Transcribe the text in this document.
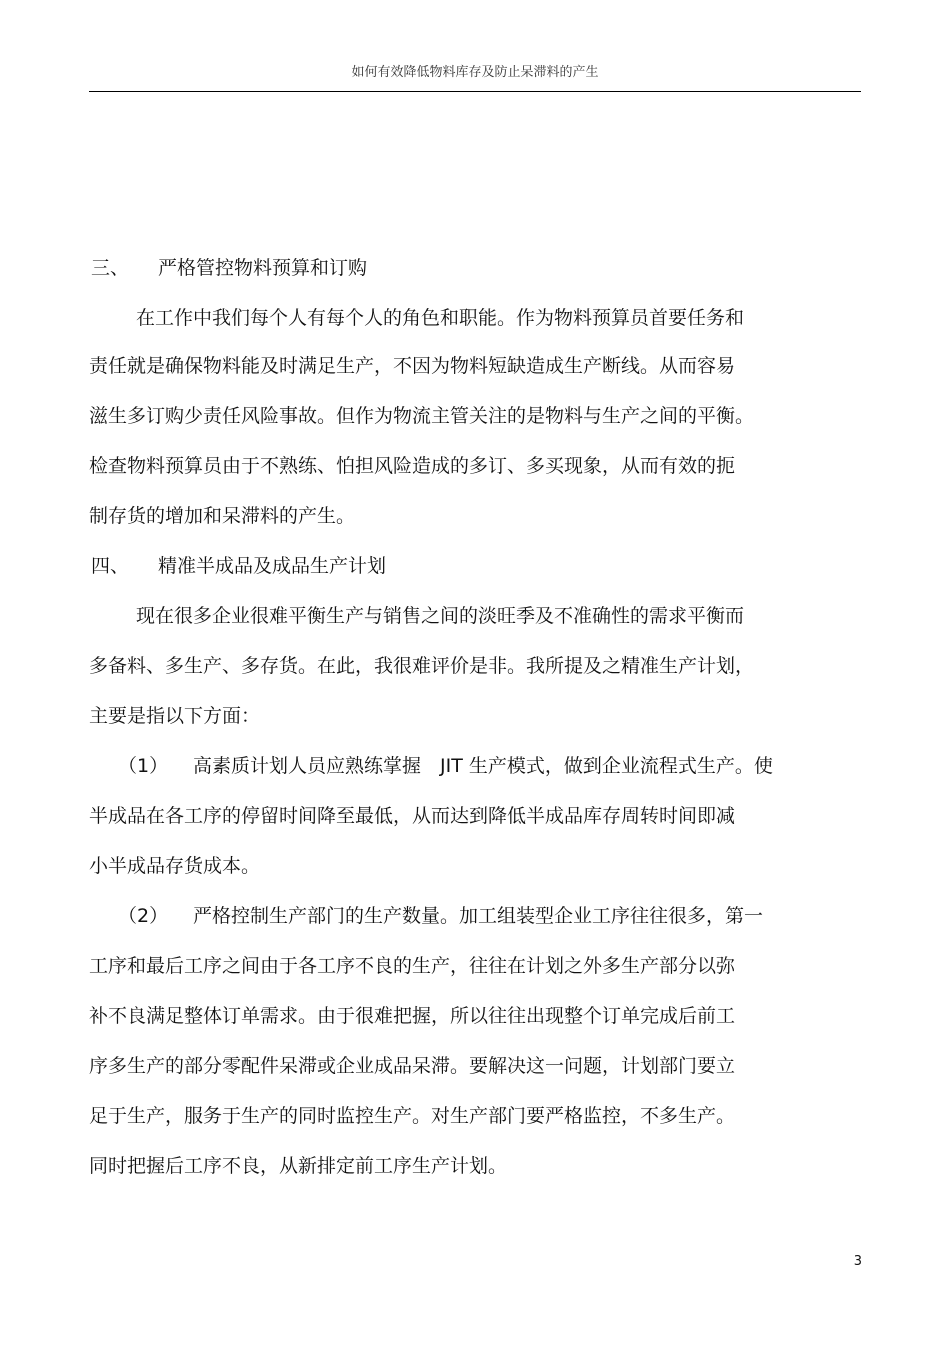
如何有效降低物料库存及防止呆滞料的产生
三、 严格管控物料预算和订购
在工作中我们每个人有每个人的角色和职能。作为物料预算员首要任务和
责任就是确保物料能及时满足生产，不因为物料短缺造成生产断线。从而容易
滋生多订购少责任风险事故。但作为物流主管关注的是物料与生产之间的平衡。
检查物料预算员由于不熟练、怕担风险造成的多订、多买现象，从而有效的扼
制存货的增加和呆滞料的产生。
四、 精准半成品及成品生产计划
现在很多企业很难平衡生产与销售之间的淡旺季及不准确性的需求平衡而
多备料、多生产、多存货。在此，我很难评价是非。我所提及之精准生产计划，
主要是指以下方面：
（1） 高素质计划人员应熟练掌握　JIT 生产模式，做到企业流程式生产。使
半成品在各工序的停留时间降至最低，从而达到降低半成品库存周转时间即减
小半成品存货成本。
（2） 严格控制生产部门的生产数量。加工组装型企业工序往往很多，第一
工序和最后工序之间由于各工序不良的生产，往往在计划之外多生产部分以弥
补不良满足整体订单需求。由于很难把握，所以往往出现整个订单完成后前工
序多生产的部分零配件呆滞或企业成品呆滞。要解决这一问题，计划部门要立
足于生产，服务于生产的同时监控生产。对生产部门要严格监控，不多生产。
同时把握后工序不良，从新排定前工序生产计划。
3
